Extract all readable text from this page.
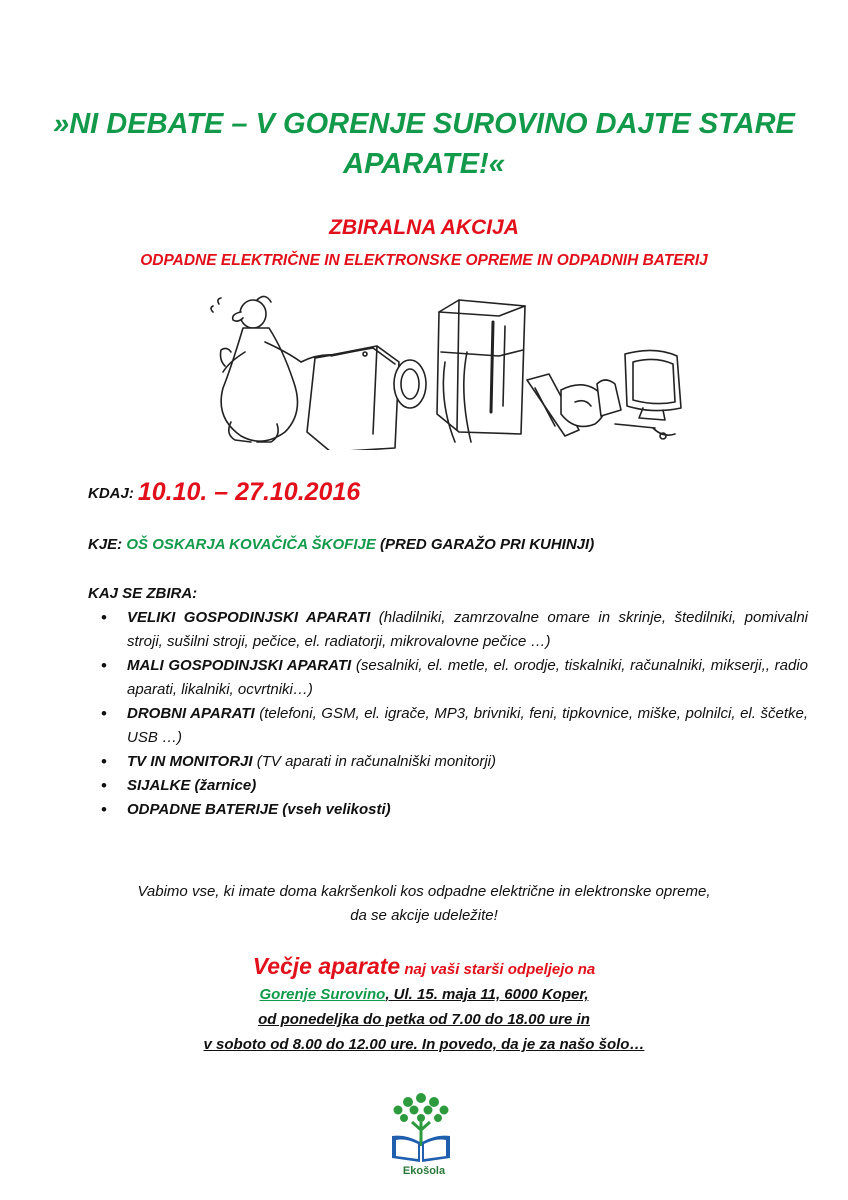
»NI DEBATE – V GORENJE SUROVINO DAJTE STARE APARATE!«
ZBIRALNA AKCIJA
ODPADNE ELEKTRIČNE IN ELEKTRONSKE OPREME IN ODPADNIH BATERIJ
KDAJ: 10.10. – 27.10.2016
KJE: OŠ OSKARJA KOVAČIČA ŠKOFIJE (PRED GARAŽO PRI KUHINJI)
KAJ SE ZBIRA:
• VELIKI GOSPODINJSKI APARATI (hladilniki, zamrzovalne omare in skrinje, štedilniki, pomivalni stroji, sušilni stroji, pečice, el. radiatorji, mikrovalovne pečice …)
• MALI GOSPODINJSKI APARATI (sesalniki, el. metle, el. orodje, tiskalniki, računalniki, mikserji,, radio aparati, likalniki, ocvrtniki…)
• DROBNI APARATI (telefoni, GSM, el. igrače, MP3, brivniki, feni, tipkovnice, miške, polnilci, el. ščetke, USB …)
• TV IN MONITORJI (TV aparati in računalniški monitorji)
• SIJALKE (žarnice)
• ODPADNE BATERIJE (vseh velikosti)
Vabimo vse, ki imate doma kakršenkoli kos odpadne električne in elektronske opreme,
da se akcije udeležite!
Večje aparate naj vaši starši odpeljejo na
Gorenje Surovino, Ul. 15. maja 11, 6000 Koper,
od ponedeljka do petka od 7.00 do 18.00 ure in
v soboto od 8.00 do 12.00 ure. In povedo, da je za našo šolo…
Ekošola
